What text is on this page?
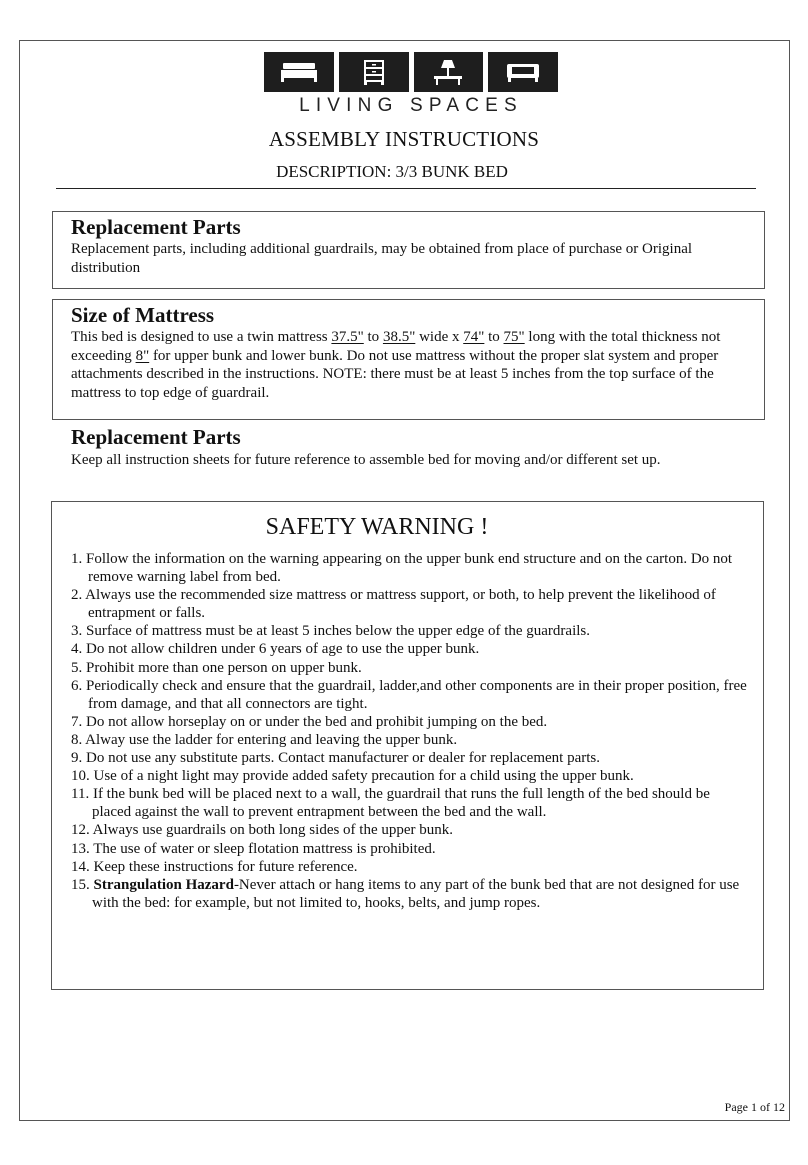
LIVING SPACES
ASSEMBLY INSTRUCTIONS
DESCRIPTION: 3/3 BUNK BED
Replacement Parts
Replacement parts, including additional guardrails, may be obtained from place of purchase or Original distribution
Size of Mattress
This bed is designed to use a twin mattress 37.5" to 38.5" wide x 74" to 75" long with the total thickness not exceeding 8" for upper bunk and lower bunk. Do not use mattress without the proper slat system and proper attachments described in the instructions. NOTE: there must be at least 5 inches from the top surface of the mattress to top edge of guardrail.
Replacement Parts
Keep all instruction sheets for future reference to assemble bed for moving and/or different set up.
SAFETY WARNING !
1. Follow the information on the warning appearing on the upper bunk end structure and on the carton. Do not remove warning label from bed.
2. Always use the recommended size mattress or mattress support, or both, to help prevent the likelihood of entrapment or falls.
3. Surface of mattress must be at least 5 inches below the upper edge of the guardrails.
4. Do not allow children under 6 years of age to use the upper bunk.
5. Prohibit more than one person on upper bunk.
6. Periodically check and ensure that the guardrail, ladder,and other components are in their proper position, free from damage, and that all connectors are tight.
7. Do not allow horseplay on or under the bed and prohibit jumping on the bed.
8. Alway use the ladder for entering and leaving the upper bunk.
9. Do not use any substitute parts. Contact manufacturer or dealer for replacement parts.
10. Use of a night light may provide added safety precaution for a child using the upper bunk.
11. If the bunk bed will be placed next to a wall, the guardrail that runs the full length of the bed should be placed against the wall to prevent entrapment between the bed and the wall.
12. Always use guardrails on both long sides of the upper bunk.
13. The use of water or sleep flotation mattress is prohibited.
14. Keep these instructions for future reference.
15. Strangulation Hazard-Never attach or hang items to any part of the bunk bed that are not designed for use with the bed: for example, but not limited to, hooks, belts, and jump ropes.
Page 1 of 12
